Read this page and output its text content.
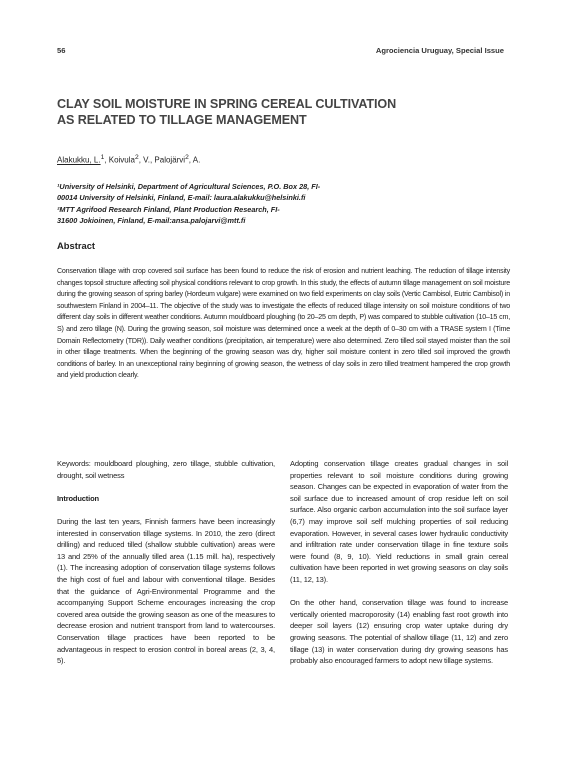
56	Agrociencia Uruguay, Special Issue
CLAY SOIL MOISTURE IN SPRING CEREAL CULTIVATION
AS RELATED TO TILLAGE MANAGEMENT
Alakukku, L.$^1$, Koivula$^2$, V., Palojärvi$^2$, A.
¹University of Helsinki, Department of Agricultural Sciences, P.O. Box 28, FI-
00014 University of Helsinki, Finland, E-mail: laura.alakukku@helsinki.fi
²MTT Agrifood Research Finland, Plant Production Research, FI-
31600 Jokioinen, Finland, E-mail:ansa.palojarvi@mtt.fi
Abstract
Conservation tillage with crop covered soil surface has been found to reduce the risk of erosion and nutrient leaching. The reduction of tillage intensity changes topsoil structure affecting soil physical conditions relevant to crop growth. In this study, the effects of autumn tillage management on soil moisture during the growing season of spring barley (Hordeum vulgare) were examined on two field experiments on clay soils (Vertic Cambisol, Eutric Cambisol) in southwestern Finland in 2004–11. The objective of the study was to investigate the effects of reduced tillage intensity on soil moisture conditions of two different clay soils in different weather conditions. Autumn mouldboard ploughing (to 20–25 cm depth, P) was compared to stubble cultivation (10–15 cm, S) and zero tillage (N). During the growing season, soil moisture was determined once a week at the depth of 0–30 cm with a TRASE system I (Time Domain Reflectometry (TDR)). Daily weather conditions (precipitation, air temperature) were also determined. Zero tilled soil stayed moister than the soil in other tillage treatments. When the beginning of the growing season was dry, higher soil moisture content in zero tilled soil improved the growth conditions of barley. In an unexceptional rainy beginning of growing season, the wetness of clay soils in zero tilled treatment hampered the crop growth and yield production clearly.

Keywords: mouldboard ploughing, zero tillage, stubble cultivation, drought, soil wetness

Introduction

During the last ten years, Finnish farmers have been increasingly interested in conservation tillage systems. In 2010, the zero (direct drilling) and reduced tilled (shallow stubble cultivation) areas were 13 and 25% of the annually tilled area (1.15 mill. ha), respectively (1). The increasing adoption of conservation tillage systems follows the high cost of fuel and labour with conventional tillage. Besides that the guidance of Agri-Environmental Programme and the accompanying Support Scheme encourages increasing the crop covered area outside the growing season as one of the measures to decrease erosion and nutrient transport from land to watercourses. Conservation tillage practices have been reported to be advantageous in respect to erosion control in boreal areas (2, 3, 4, 5).

Adopting conservation tillage creates gradual changes in soil properties relevant to soil moisture conditions during growing season. Changes can be expected in evaporation of water from the soil surface due to increased amount of crop residue left on soil surface. Also organic carbon accumulation into the soil surface layer (6,7) may improve soil self mulching properties of soil reducing evaporation. However, in several cases lower hydraulic conductivity and infiltration rate under conservation tillage in fine texture soils were found (8, 9, 10). Yield reductions in small grain cereal cultivation have been reported in wet growing seasons on clay soils (11, 12, 13).

On the other hand, conservation tillage was found to increase vertically oriented macroporosity (14) enabling fast root growth into deeper soil layers (12) ensuring crop water uptake during dry growing seasons. The potential of shallow tillage (11, 12) and zero tillage (13) in water conservation during dry growing seasons has probably also encouraged farmers to adopt new tillage systems.
